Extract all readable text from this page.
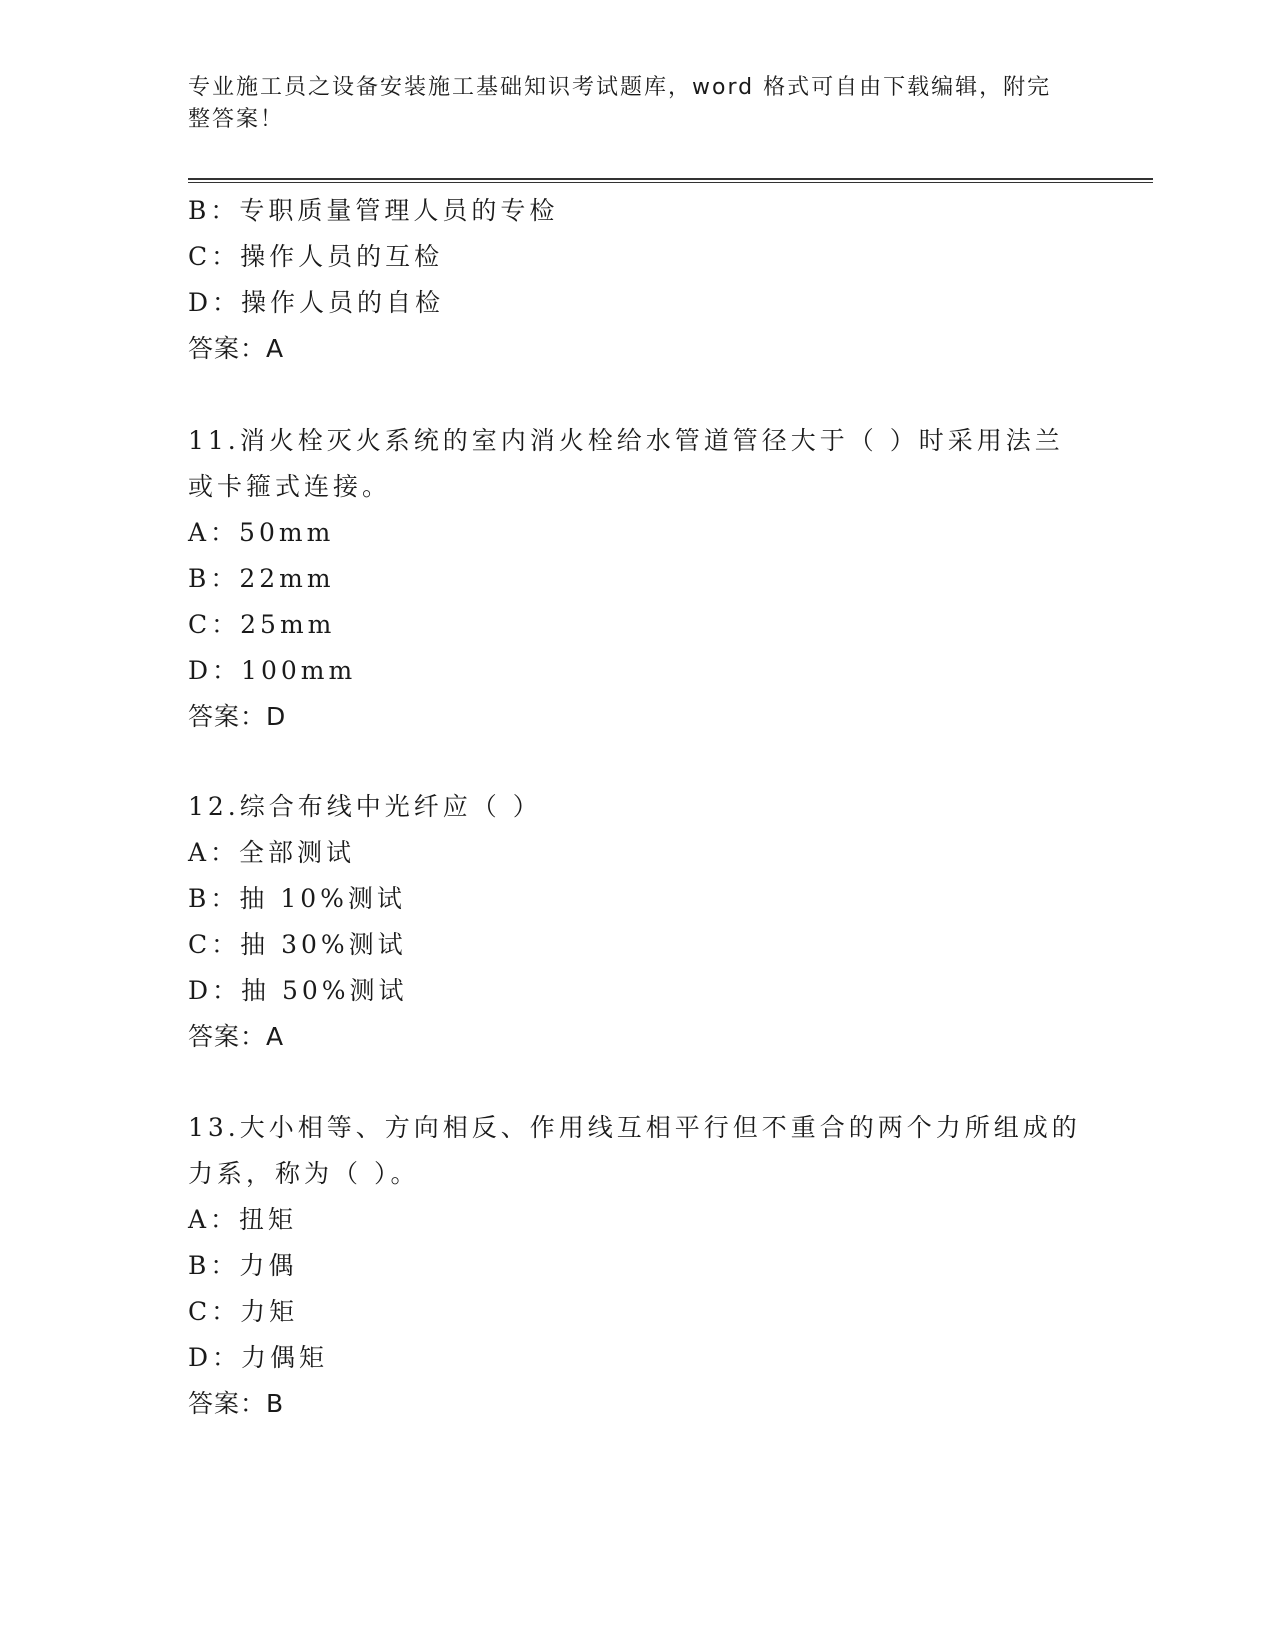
专业施工员之设备安装施工基础知识考试题库，word 格式可自由下载编辑，附完整答案！
B：专职质量管理人员的专检
C：操作人员的互检
D：操作人员的自检
答案：A
11.消火栓灭火系统的室内消火栓给水管道管径大于（ ）时采用法兰
或卡箍式连接。
A：50mm
B：22mm
C：25mm
D：100mm
答案：D
12.综合布线中光纤应（ ）
A：全部测试
B：抽 10%测试
C：抽 30%测试
D：抽 50%测试
答案：A
13.大小相等、方向相反、作用线互相平行但不重合的两个力所组成的
力系，称为（ ）。
A：扭矩
B：力偶
C：力矩
D：力偶矩
答案：B
